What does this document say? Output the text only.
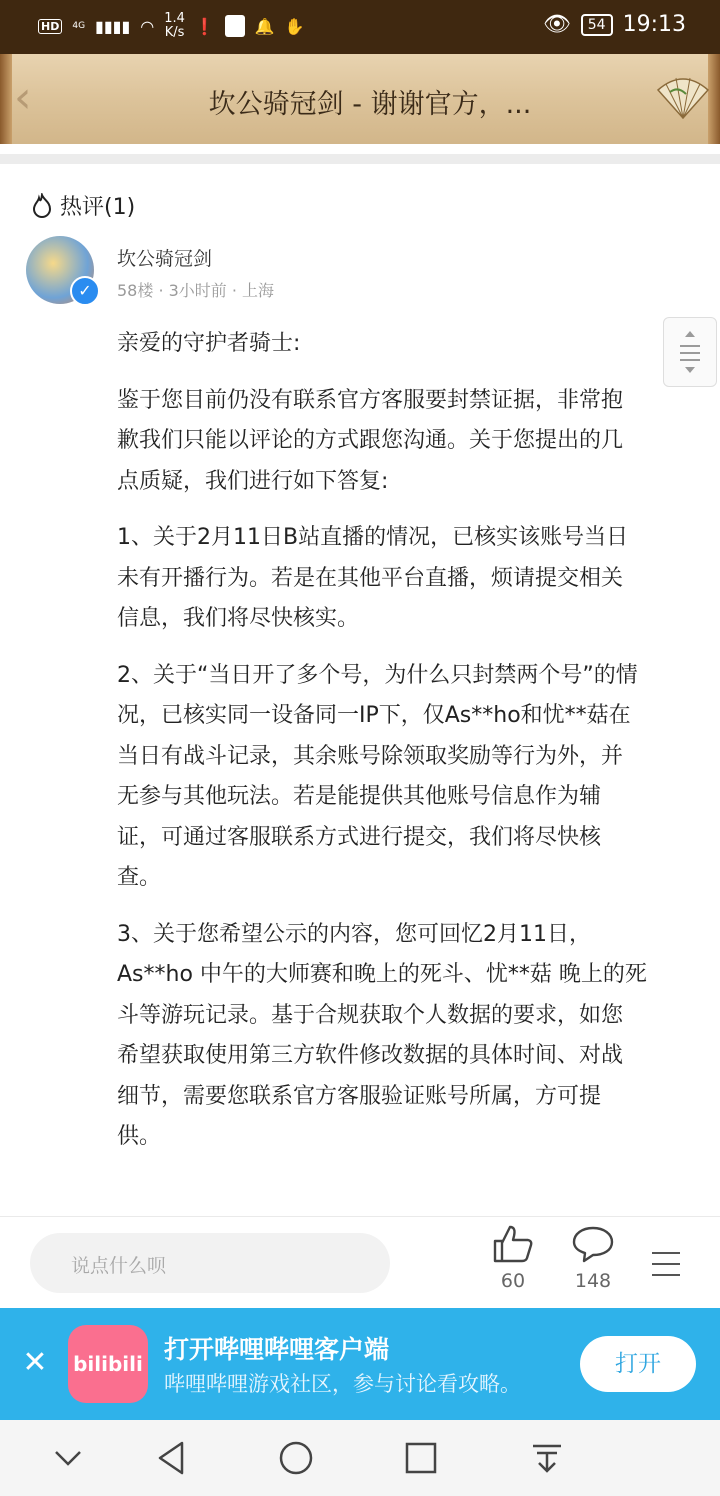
HD	4G ▮▮▮▮ ◠ 1.4
K/s ❗	🔔 ✋	👁	54 19:13
‹	坎公骑冠剑 - 谢谢官方，...
热评(1)
✓
坎公骑冠剑
58楼 · 3小时前 · 上海

亲爱的守护者骑士:

鉴于您目前仍没有联系官方客服要封禁证据，非常抱
歉我们只能以评论的方式跟您沟通。关于您提出的几
点质疑，我们进行如下答复:

1、关于2月11日B站直播的情况，已核实该账号当日
未有开播行为。若是在其他平台直播，烦请提交相关
信息，我们将尽快核实。

2、关于“当日开了多个号，为什么只封禁两个号”的情
况，已核实同一设备同一IP下，仅As**ho和忧**菇在
当日有战斗记录，其余账号除领取奖励等行为外，并
无参与其他玩法。若是能提供其他账号信息作为辅
证，可通过客服联系方式进行提交，我们将尽快核
查。

3、关于您希望公示的内容，您可回忆2月11日，
As**ho 中午的大师赛和晚上的死斗、忧**菇 晚上的死
斗等游玩记录。基于合规获取个人数据的要求，如您
希望获取使用第三方软件修改数据的具体时间、对战
细节，需要您联系官方客服验证账号所属，方可提
供。

说点什么呗
60	148
✕ bilibili 打开哔哩哔哩客户端
哔哩哔哩游戏社区，参与讨论看攻略。
打开
